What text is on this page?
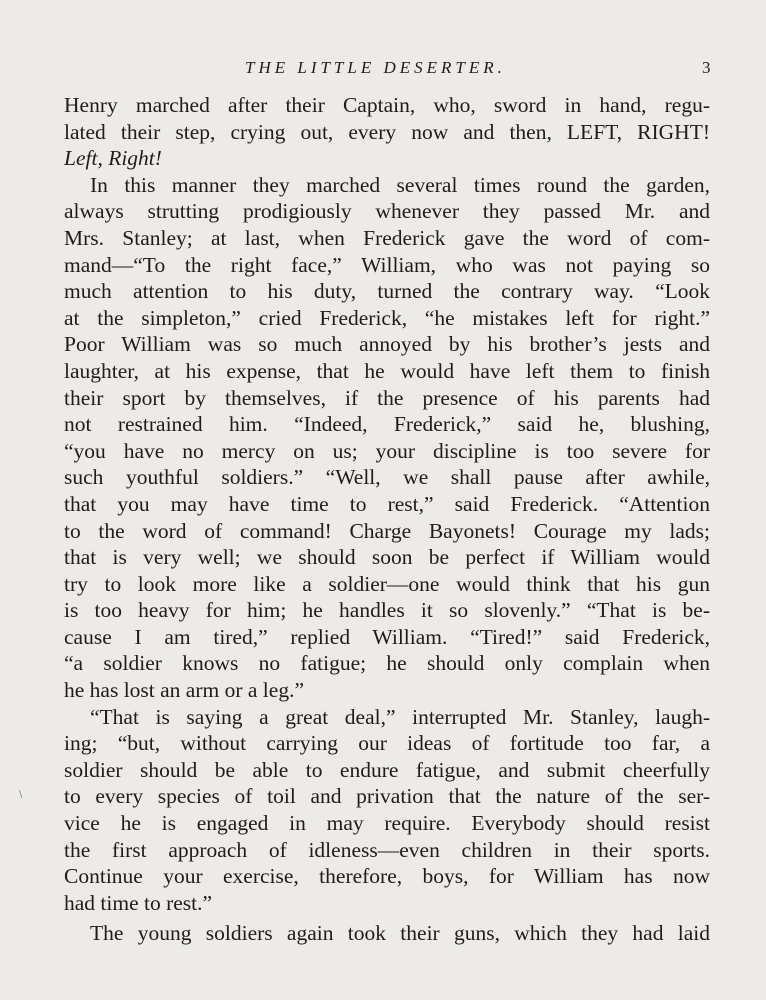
THE LITTLE DESERTER.	3
Henry marched after their Captain, who, sword in hand, regu-
lated their step, crying out, every now and then, LEFT, RIGHT!
Left, Right!
In this manner they marched several times round the garden,
always strutting prodigiously whenever they passed Mr. and
Mrs. Stanley; at last, when Frederick gave the word of com-
mand—“To the right face,” William, who was not paying so
much attention to his duty, turned the contrary way. “Look
at the simpleton,” cried Frederick, “he mistakes left for right.”
Poor William was so much annoyed by his brother’s jests and
laughter, at his expense, that he would have left them to finish
their sport by themselves, if the presence of his parents had
not restrained him. “Indeed, Frederick,” said he, blushing,
“you have no mercy on us; your discipline is too severe for
such youthful soldiers.” “Well, we shall pause after awhile,
that you may have time to rest,” said Frederick. “Attention
to the word of command! Charge Bayonets! Courage my lads;
that is very well; we should soon be perfect if William would
try to look more like a soldier—one would think that his gun
is too heavy for him; he handles it so slovenly.” “That is be-
cause I am tired,” replied William. “Tired!” said Frederick,
“a soldier knows no fatigue; he should only complain when
he has lost an arm or a leg.”
“That is saying a great deal,” interrupted Mr. Stanley, laugh-
ing; “but, without carrying our ideas of fortitude too far, a
soldier should be able to endure fatigue, and submit cheerfully
to every species of toil and privation that the nature of the ser-
vice he is engaged in may require. Everybody should resist
the first approach of idleness—even children in their sports.
Continue your exercise, therefore, boys, for William has now
had time to rest.”
The young soldiers again took their guns, which they had laid
∖
